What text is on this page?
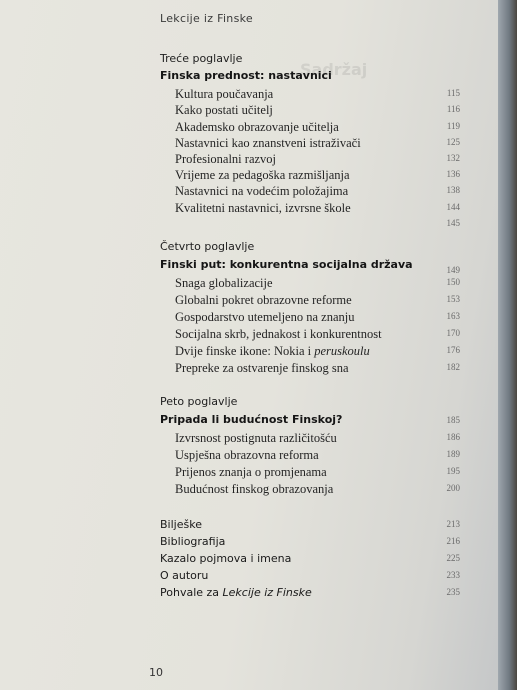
Sadržaj
Lekcije iz Finske
Treće poglavlje
Finska prednost: nastavnici
Kultura poučavanja	115
Kako postati učitelj	116
Akademsko obrazovanje učitelja	119
Nastavnici kao znanstveni istraživači	125
Profesionalni razvoj	132
Vrijeme za pedagoška razmišljanja	136
Nastavnici na vodećim položajima	138
Kvalitetni nastavnici, izvrsne škole	144
145
Četvrto poglavlje
Finski put: konkurentna socijalna država	149
Snaga globalizacije	150
Globalni pokret obrazovne reforme	153
Gospodarstvo utemeljeno na znanju	163
Socijalna skrb, jednakost i konkurentnost	170
Dvije finske ikone: Nokia i peruskoulu	176
Prepreke za ostvarenje finskog sna	182
Peto poglavlje
Pripada li budućnost Finskoj?	185
Izvrsnost postignuta različitošću	186
Uspješna obrazovna reforma	189
Prijenos znanja o promjenama	195
Budućnost finskog obrazovanja	200
Bilješke	213
Bibliografija	216
Kazalo pojmova i imena	225
O autoru	233
Pohvale za Lekcije iz Finske	235
10
